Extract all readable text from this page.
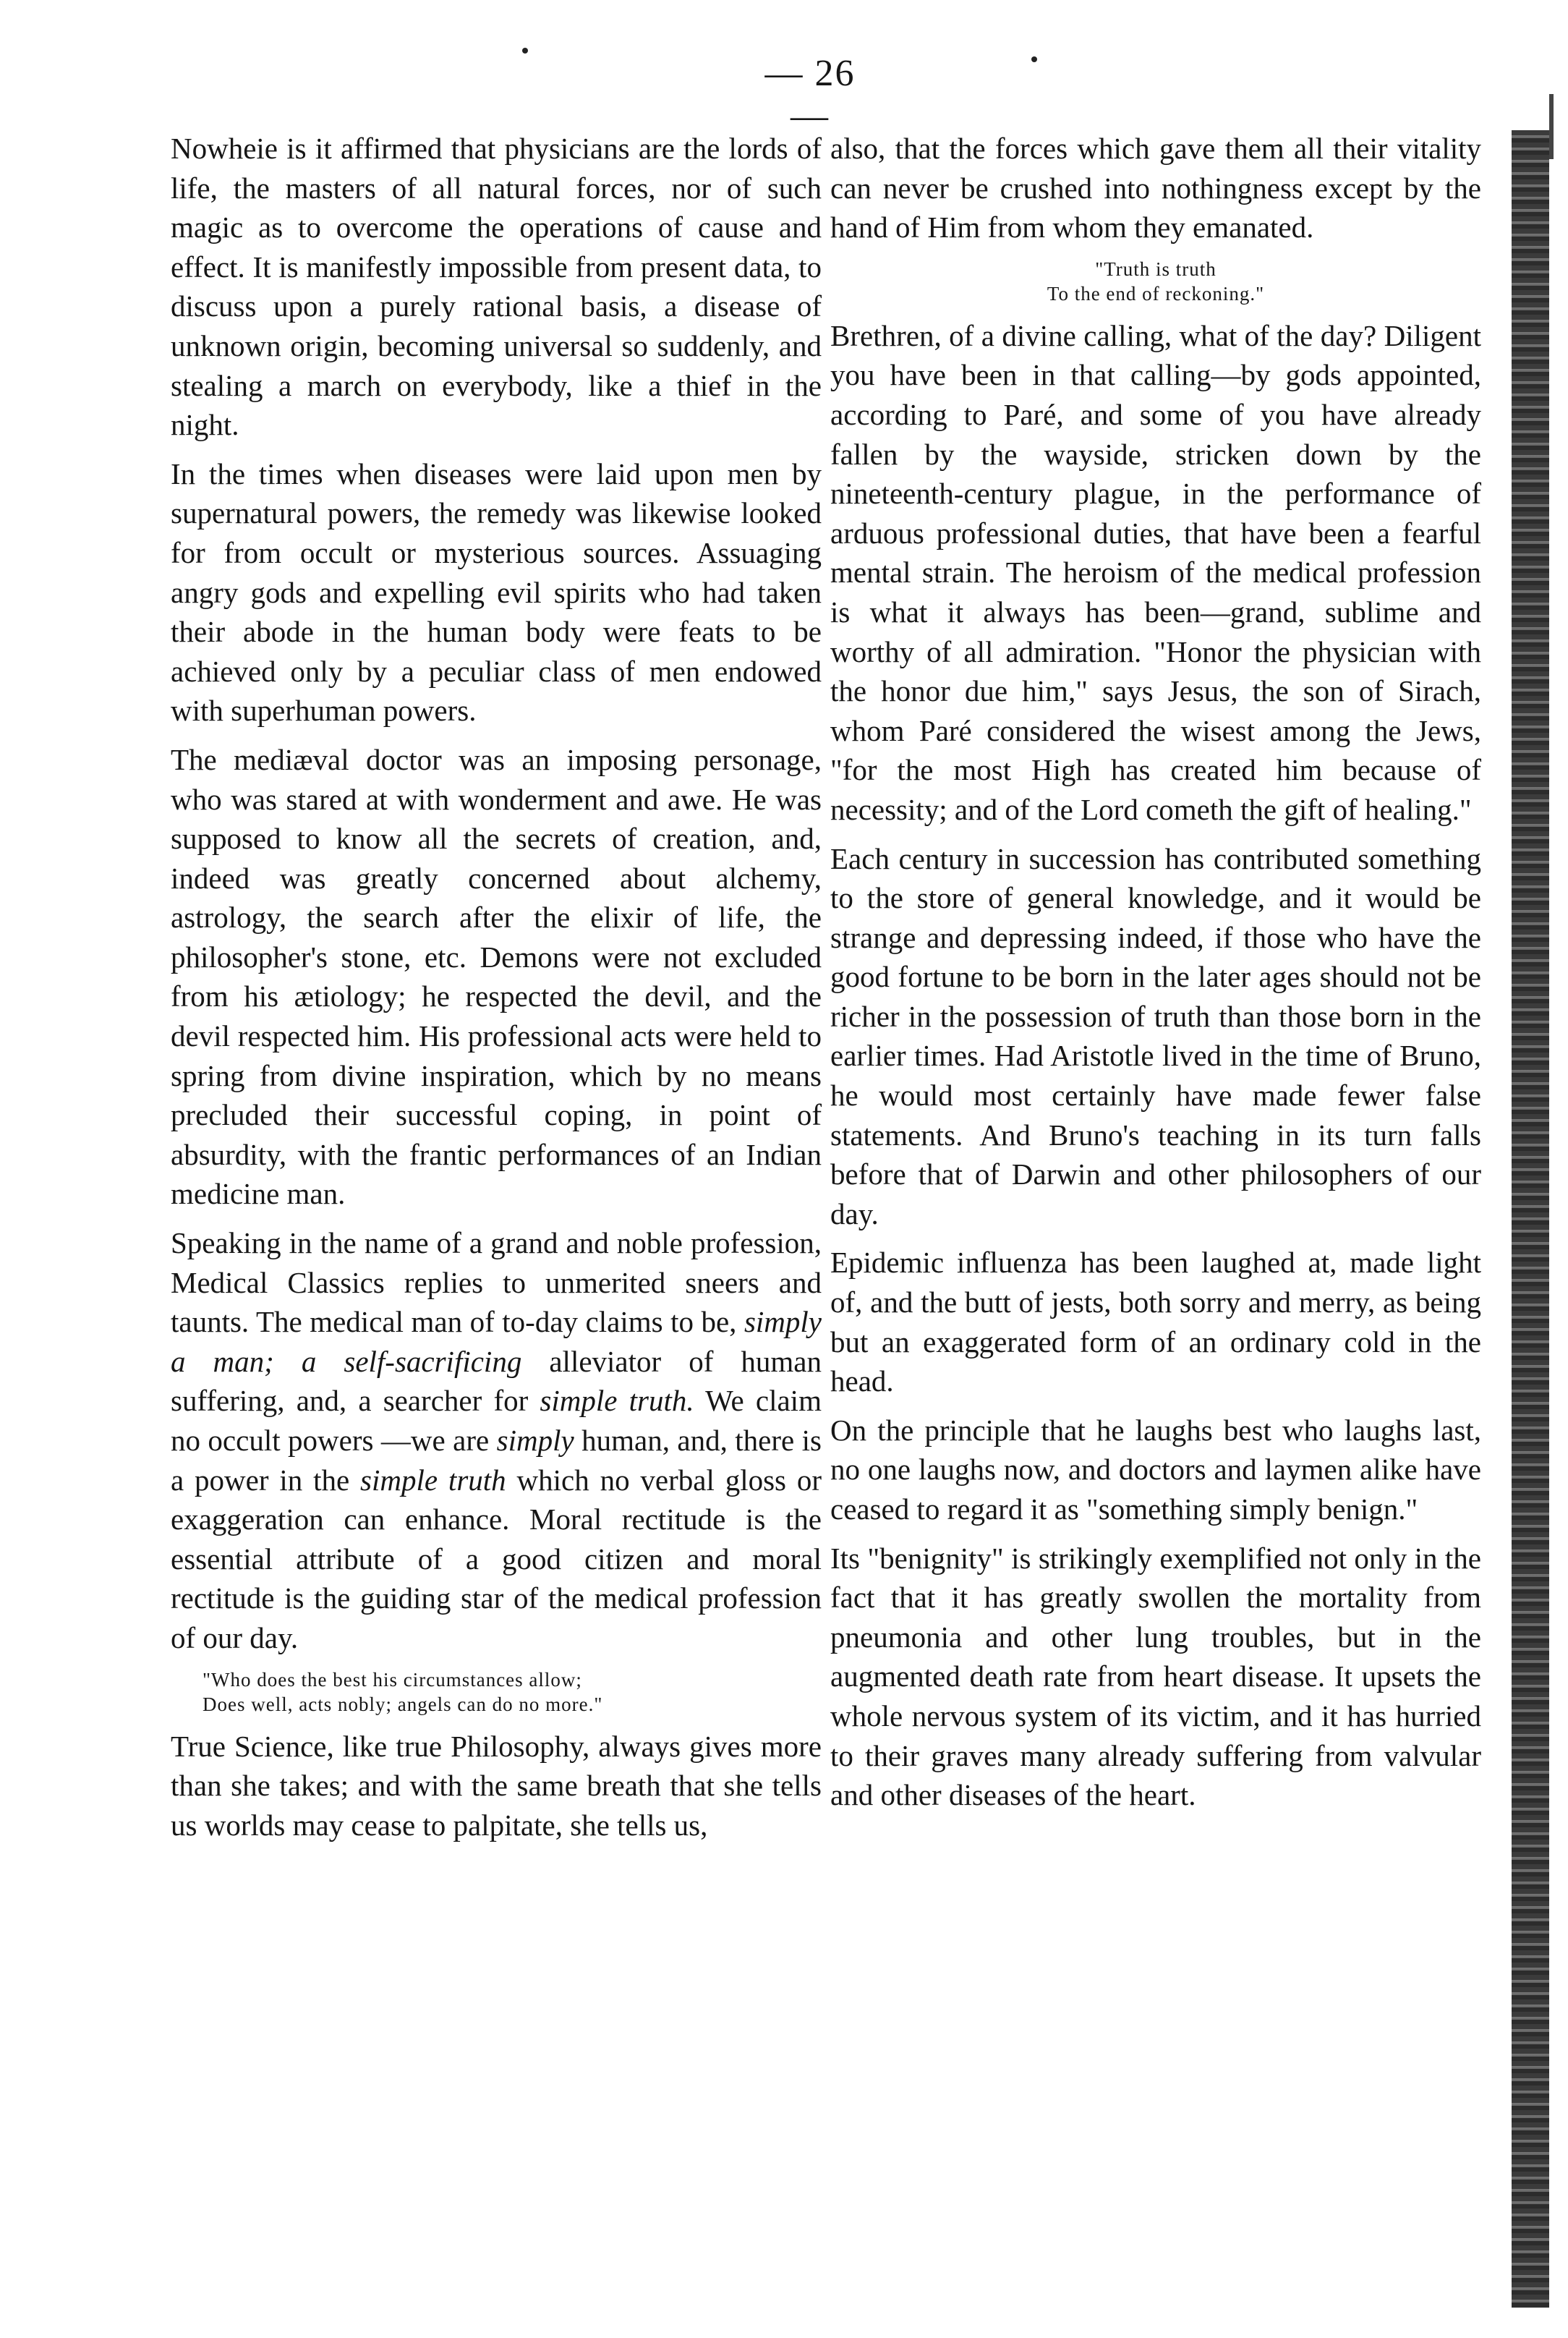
— 26 —

Nowheie is it affirmed that physicians are the lords of life, the masters of all natural forces, nor of such magic as to overcome the operations of cause and effect. It is manifestly impossible from present data, to discuss upon a purely rational basis, a disease of unknown origin, becoming universal so suddenly, and stealing a march on everybody, like a thief in the night.

In the times when diseases were laid upon men by supernatural powers, the remedy was likewise looked for from occult or mysterious sources. Assuaging angry gods and expelling evil spirits who had taken their abode in the human body were feats to be achieved only by a peculiar class of men endowed with superhuman powers.

The mediæval doctor was an imposing personage, who was stared at with wonderment and awe. He was supposed to know all the secrets of creation, and, indeed was greatly concerned about alchemy, astrology, the search after the elixir of life, the philosopher's stone, etc. Demons were not excluded from his ætiology; he respected the devil, and the devil respected him. His professional acts were held to spring from divine inspiration, which by no means precluded their successful coping, in point of absurdity, with the frantic performances of an Indian medicine man.

Speaking in the name of a grand and noble profession, Medical Classics replies to unmerited sneers and taunts. The medical man of to-day claims to be, simply a man; a self-sacrificing alleviator of human suffering, and, a searcher for simple truth. We claim no occult powers —we are simply human, and, there is a power in the simple truth which no verbal gloss or exaggeration can enhance. Moral rectitude is the essential attribute of a good citizen and moral rectitude is the guiding star of the medical profession of our day.

"Who does the best his circumstances allow;
Does well, acts nobly; angels can do no more."

True Science, like true Philosophy, always gives more than she takes; and with the same breath that she tells us worlds may cease to palpitate, she tells us,

also, that the forces which gave them all their vitality can never be crushed into nothingness except by the hand of Him from whom they emanated.

"Truth is truth
To the end of reckoning."

Brethren, of a divine calling, what of the day? Diligent you have been in that calling—by gods appointed, according to Paré, and some of you have already fallen by the wayside, stricken down by the nineteenth-century plague, in the performance of arduous professional duties, that have been a fearful mental strain. The heroism of the medical profession is what it always has been—grand, sublime and worthy of all admiration. "Honor the physician with the honor due him," says Jesus, the son of Sirach, whom Paré considered the wisest among the Jews, "for the most High has created him because of necessity; and of the Lord cometh the gift of healing."

Each century in succession has contributed something to the store of general knowledge, and it would be strange and depressing indeed, if those who have the good fortune to be born in the later ages should not be richer in the possession of truth than those born in the earlier times. Had Aristotle lived in the time of Bruno, he would most certainly have made fewer false statements. And Bruno's teaching in its turn falls before that of Darwin and other philosophers of our day.

Epidemic influenza has been laughed at, made light of, and the butt of jests, both sorry and merry, as being but an exaggerated form of an ordinary cold in the head.

On the principle that he laughs best who laughs last, no one laughs now, and doctors and laymen alike have ceased to regard it as "something simply benign."

Its "benignity" is strikingly exemplified not only in the fact that it has greatly swollen the mortality from pneumonia and other lung troubles, but in the augmented death rate from heart disease. It upsets the whole nervous system of its victim, and it has hurried to their graves many already suffering from valvular and other diseases of the heart.
